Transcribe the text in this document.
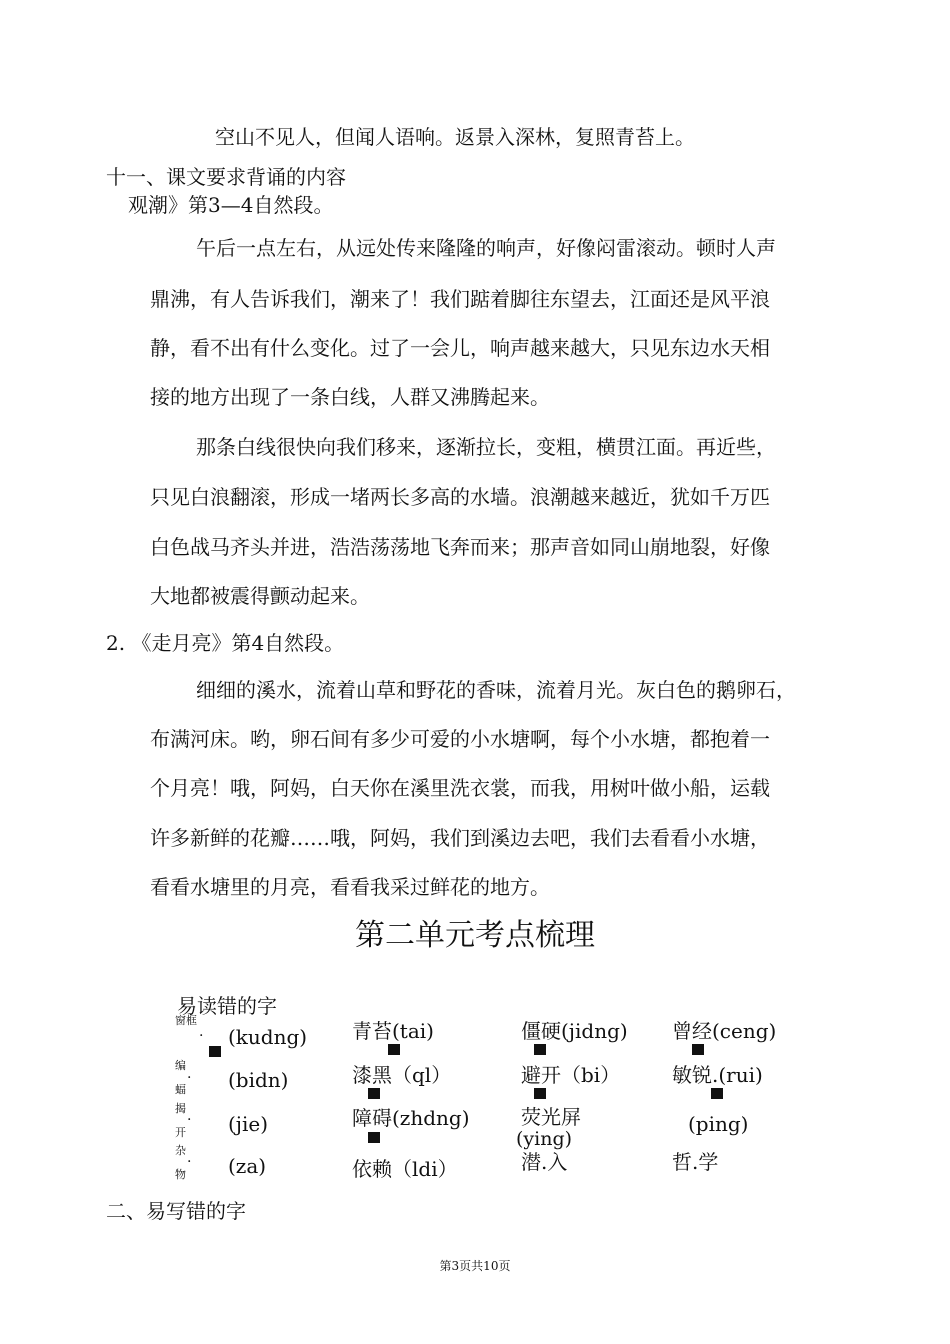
空山不见人，但闻人语响。返景入深林，复照青苔上。
十一、课文要求背诵的内容
观潮》第3—4自然段。
午后一点左右，从远处传来隆隆的响声，好像闷雷滚动。顿时人声
鼎沸，有人告诉我们，潮来了！我们踮着脚往东望去，江面还是风平浪
静，看不出有什么变化。过了一会儿，响声越来越大，只见东边水天相
接的地方出现了一条白线，人群又沸腾起来。
那条白线很快向我们移来，逐渐拉长，变粗，横贯江面。再近些，
只见白浪翻滚，形成一堵两长多高的水墙。浪潮越来越近，犹如千万匹
白色战马齐头并进，浩浩荡荡地飞奔而来；那声音如同山崩地裂，好像
大地都被震得颤动起来。
2. 《走月亮》第4自然段。
细细的溪水，流着山草和野花的香味，流着月光。灰白色的鹅卵石，
布满河床。哟，卵石间有多少可爱的小水塘啊，每个小水塘，都抱着一
个月亮！哦，阿妈，白天你在溪里洗衣裳，而我，用树叶做小船，运载
许多新鲜的花瓣……哦，阿妈，我们到溪边去吧，我们去看看小水塘，
看看水塘里的月亮，看看我采过鲜花的地方。
第二单元考点梳理
易读错的字
窗框
. (kudng)
编
. (bidn)
蝠
揭 . (jie)
开
杂 . (za)
物
青苔(tai)
漆黑（ql）
障碍(zhdng)
依赖（ldi）
僵硬(jidng)
避开（bi）
荧光屏
(ying)
潜.入
曾经(ceng)
敏锐.(rui)
(ping)
哲.学
二、易写错的字
第3页共10页
